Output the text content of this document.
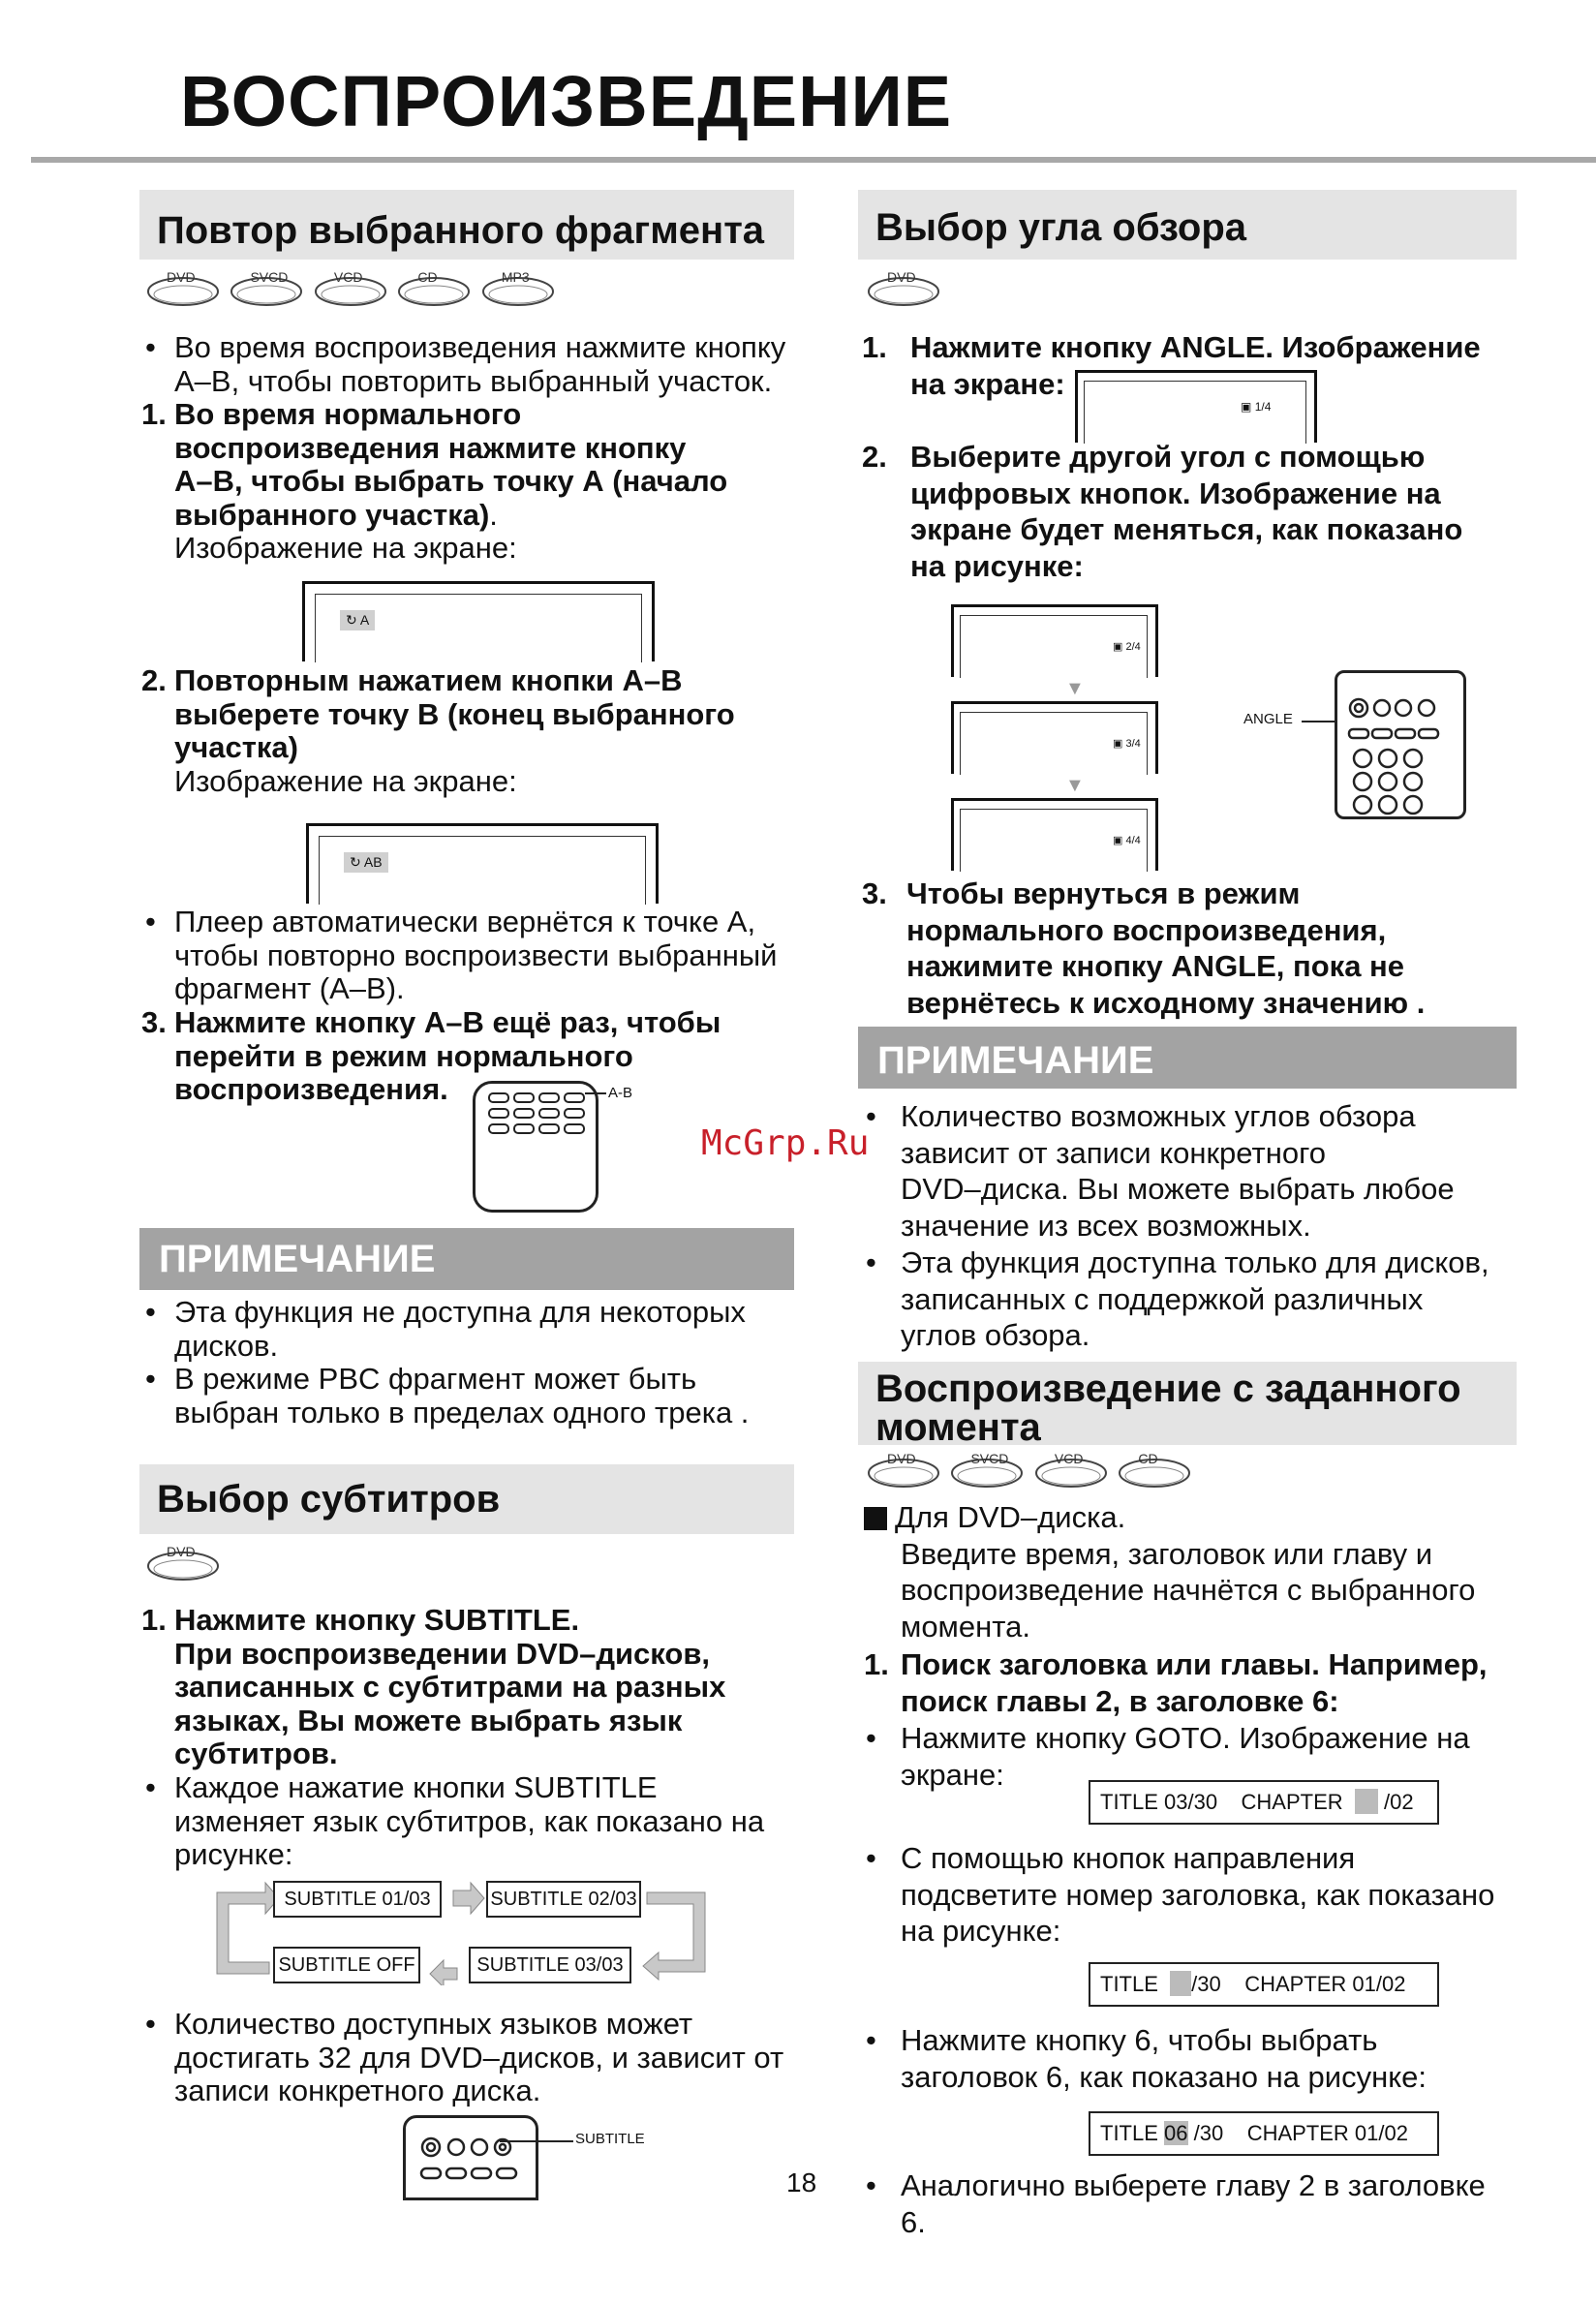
ВОСПРОИЗВЕДЕНИЕ
Повтор выбранного фрагмента
DVD
	SVCD
	VCD
	CD
	MP3
• Во время воспроизведения нажмите кнопку
A–B, чтобы повторить выбранный участок.
1. Во время нормального
воспроизведения нажмите кнопку
A–B, чтобы выбрать точку А (начало
выбранного участка).
Изображение на экране:
↻ A
2. Повторным нажатием кнопки A–B
выберете точку В (конец выбранного
участка)
Изображение на экране:
↻ AB
• Плеер автоматически вернётся к точке А,
чтобы повторно воспроизвести выбранный
фрагмент (A–B).
3. Нажмите кнопку A–B ещё раз, чтобы
перейти в режим нормального
воспроизведения.	A-B
ПРИМЕЧАНИЕ
• Эта функция не доступна для некоторых
дисков.
• В режиме PBC фрагмент может быть
выбран только в пределах одного трека .
Выбор субтитров
DVD
1. Нажмите кнопку SUBTITLE.
При воспроизведении DVD–дисков,
записанных с субтитрами на разных
языках, Вы можете выбрать язык
субтитров.
• Каждое нажатие кнопки SUBTITLE
изменяет язык субтитров, как показано на
рисунке:
SUBTITLE 01/03	SUBTITLE 02/03
SUBTITLE OFF	SUBTITLE 03/03
• Количество доступных языков может
достигать 32 для DVD–дисков, и зависит от
записи конкретного диска.
SUBTITLE
Выбор угла обзора
DVD
1. Нажмите кнопку ANGLE. Изображение
на экране:
▣ 1/4
2. Выберите другой угол с помощью
цифровых кнопок. Изображение на
экране будет меняться, как показано
на рисунке:
▣ 2/4
▼
▣ 3/4
▼
▣ 4/4
ANGLE
3. Чтобы вернуться в режим
нормального воспроизведения,
нажимите кнопку ANGLE, пока не
вернётесь к исходному значению .
ПРИМЕЧАНИЕ
• Количество возможных углов обзора
зависит от записи конкретного
DVD–диска. Вы можете выбрать любое
значение из всех возможных.
• Эта функция доступна только для дисков,
записанных с поддержкой различных
углов обзора.
Воспроизведение с заданного
момента
DVD
	SVCD
	VCD
	CD
Для DVD–диска.
Введите время, заголовок или главу и
воспроизведение начнётся с выбранного
момента.
1. Поиск заголовка или главы. Например,
поиск главы 2, в заголовке 6:
• Нажмите кнопку GOTO. Изображение на
экране:
TITLE 03/30 CHAPTER /02
• С помощью кнопок направления
подсветите номер заголовка, как показано
на рисунке:
TITLE /30 CHAPTER 01/02
• Нажмите кнопку 6, чтобы выбрать
заголовок 6, как показано на рисунке:
TITLE 06 /30 CHAPTER 01/02
• Аналогично выберете главу 2 в заголовке
6.
McGrp.Ru
18
